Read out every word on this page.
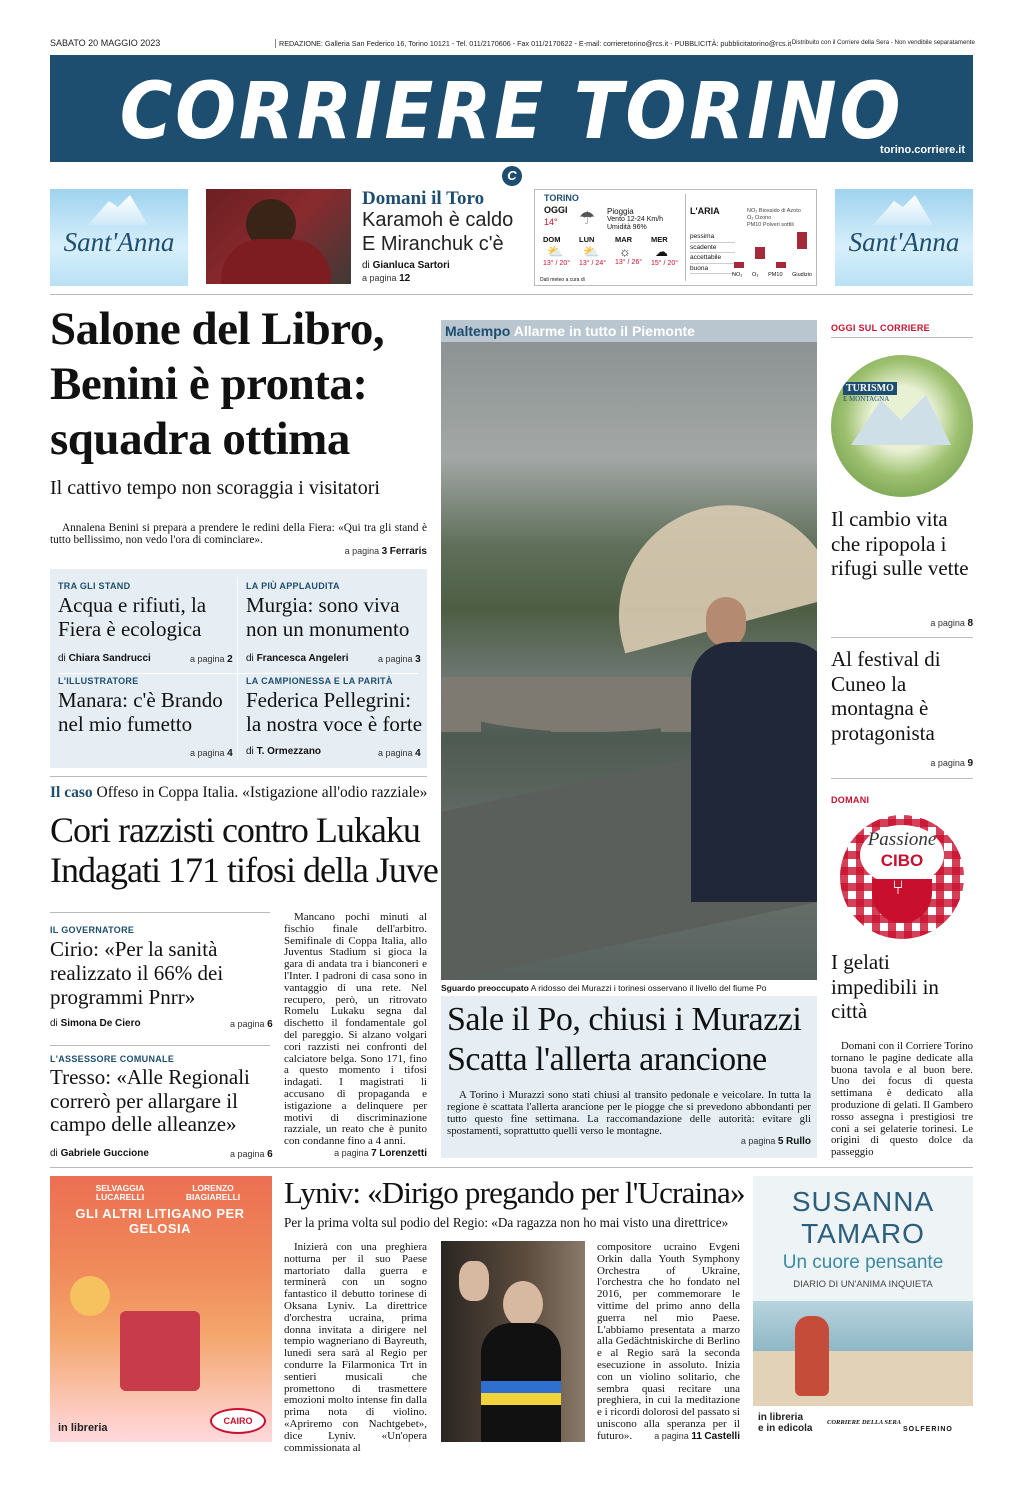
SABATO 20 MAGGIO 2023	REDAZIONE: Galleria San Federico 16, Torino 10121 - Tel. 011/2170606 - Fax 011/2170622 - E-mail: corrieretorino@rcs.it - PUBBLICITÀ: pubblicitatorino@rcs.it Distribuito con il Corriere della Sera - Non vendibile separatamente
CORRIERE TORINO
torino.corriere.it
C
Sant'Anna
Domani il Toro
Karamoh è caldo
E Miranchuk c'è
di Gianluca Sartori
a pagina 12
TORINO
OGGI
14° ☂ Pioggia
Vento 12-24 Km/h
Umidità 96%
DOM
⛅
13° / 20°
LUN
⛅
13° / 24°
MAR
☼
13° / 26°
MER
☁
15° / 20°
Dati meteo a cura di
L'ARIA	NO₂ Biossido di Azoto
O₃ Ozono
PM10 Polveri sottili
pessima
scadente
accettabile
buona
NO₂ O₃ PM10 Giudizio
Sant'Anna
Salone del Libro, Benini è pronta: squadra ottima
Il cattivo tempo non scoraggia i visitatori
Annalena Benini si prepara a prendere le redini della Fiera: «Qui tra gli stand è tutto bellissimo, non vedo l'ora di cominciare».
a pagina 3 Ferraris
TRA GLI STAND
Acqua e rifiuti, la Fiera è ecologica
di Chiara Sandrucci	a pagina 2
LA PIÙ APPLAUDITA
Murgia: sono viva non un monumento
di Francesca Angeleri	a pagina 3
L'ILLUSTRATORE
Manara: c'è Brando nel mio fumetto
a pagina 4
LA CAMPIONESSA E LA PARITÀ
Federica Pellegrini: la nostra voce è forte
di T. Ormezzano	a pagina 4
Il caso Offeso in Coppa Italia. «Istigazione all'odio razziale»
Cori razzisti contro Lukaku
Indagati 171 tifosi della Juve
IL GOVERNATORE
Cirio: «Per la sanità realizzato il 66% dei programmi Pnrr»
di Simona De Ciero	a pagina 6
L'ASSESSORE COMUNALE
Tresso: «Alle Regionali correrò per allargare il campo delle alleanze»
di Gabriele Guccione	a pagina 6
Mancano pochi minuti al fischio finale dell'arbitro. Semifinale di Coppa Italia, allo Juventus Stadium si gioca la gara di andata tra i bianconeri e l'Inter. I padroni di casa sono in vantaggio di una rete. Nel recupero, però, un ritrovato Romelu Lukaku segna dal dischetto il fondamentale gol del pareggio. Si alzano volgari cori razzisti nei confronti del calciatore belga. Sono 171, fino a questo momento i tifosi indagati. I magistrati li accusano di propaganda e istigazione a delinquere per motivi di discriminazione razziale, un reato che è punito con condanne fino a 4 anni.
a pagina 7 Lorenzetti
Maltempo Allarme in tutto il Piemonte
Sguardo preoccupato A ridosso dei Murazzi i torinesi osservano il livello del fiume Po
Sale il Po, chiusi i Murazzi
Scatta l'allerta arancione
A Torino i Murazzi sono stati chiusi al transito pedonale e veicolare. In tutta la regione è scattata l'allerta arancione per le piogge che si prevedono abbondanti per tutto questo fine settimana. La raccomandazione delle autorità: evitare gli spostamenti, soprattutto quelli verso le montagne.
a pagina 5 Rullo
OGGI SUL CORRIERE
TURISMO
E MONTAGNA
Il cambio vita che ripopola i rifugi sulle vette
a pagina 8
Al festival di Cuneo la montagna è protagonista
a pagina 9
DOMANI
Passione
CIBO
⑂
I gelati impedibili in città
Domani con il Corriere Torino tornano le pagine dedicate alla buona tavola e al buon bere. Uno dei focus di questa settimana è dedicato alla produzione di gelati. Il Gambero rosso assegna i prestigiosi tre coni a sei gelaterie torinesi. Le origini di questo dolce da passeggio
SELVAGGIA LUCARELLI
LORENZO BIAGIARELLI
GLI ALTRI LITIGANO PER GELOSIA
in libreria
CAIRO
Lyniv: «Dirigo pregando per l'Ucraina»
Per la prima volta sul podio del Regio: «Da ragazza non ho mai visto una direttrice»
Inizierà con una preghiera notturna per il suo Paese martoriato dalla guerra e terminerà con un sogno fantastico il debutto torinese di Oksana Lyniv. La direttrice d'orchestra ucraina, prima donna invitata a dirigere nel tempio wagneriano di Bayreuth, lunedì sera sarà al Regio per condurre la Filarmonica Trt in sentieri musicali che promettono di trasmettere emozioni molto intense fin dalla prima nota di violino. «Apriremo con Nachtgebet», dice Lyniv. «Un'opera commissionata al
compositore ucraino Evgeni Orkin dalla Youth Symphony Orchestra of Ukraine, l'orchestra che ho fondato nel 2016, per commemorare le vittime del primo anno della guerra nel mio Paese. L'abbiamo presentata a marzo alla Gedächtniskirche di Berlino e al Regio sarà la seconda esecuzione in assoluto. Inizia con un violino solitario, che sembra quasi recitare una preghiera, in cui la meditazione e i ricordi dolorosi del passato si uniscono alla speranza per il futuro».	a pagina 11 Castelli
SUSANNA TAMARO
Un cuore pensante
DIARIO DI UN'ANIMA INQUIETA
in libreria
e in edicola
CORRIERE DELLA SERA
SOLFERINO
